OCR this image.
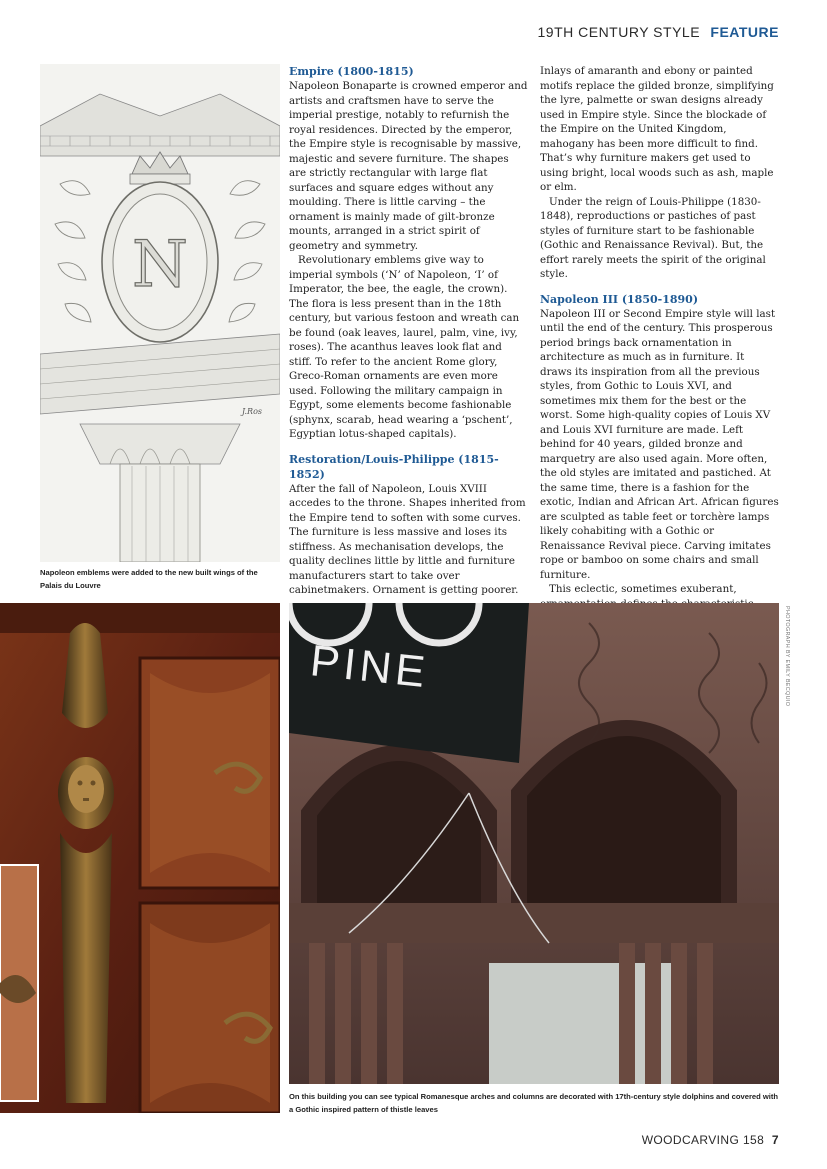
19TH CENTURY STYLE FEATURE
N
J.Ros
Napoleon emblems were added to the new built wings of the Palais du Louvre
Empire (1800-1815)

Napoleon Bonaparte is crowned emperor and artists and craftsmen have to serve the imperial prestige, notably to refurnish the royal residences. Directed by the emperor, the Empire style is recognisable by massive, majestic and severe furniture. The shapes are strictly rectangular with large flat surfaces and square edges without any moulding. There is little carving – the ornament is mainly made of gilt-bronze mounts, arranged in a strict spirit of geometry and symmetry.

Revolutionary emblems give way to imperial symbols (‘N’ of Napoleon, ‘I’ of Imperator, the bee, the eagle, the crown). The flora is less present than in the 18th century, but various festoon and wreath can be found (oak leaves, laurel, palm, vine, ivy, roses). The acanthus leaves look flat and stiff. To refer to the ancient Rome glory, Greco-Roman ornaments are even more used. Following the military campaign in Egypt, some elements become fashionable (sphynx, scarab, head wearing a ‘pschent’, Egyptian lotus-shaped capitals).

Restoration/Louis-Philippe (1815-1852)

After the fall of Napoleon, Louis XVIII accedes to the throne. Shapes inherited from the Empire tend to soften with some curves. The furniture is less massive and loses its stiffness. As mechanisation develops, the quality declines little by little and furniture manufacturers start to take over cabinetmakers. Ornament is getting poorer.

Inlays of amaranth and ebony or painted motifs replace the gilded bronze, simplifying the lyre, palmette or swan designs already used in Empire style. Since the blockade of the Empire on the United Kingdom, mahogany has been more difficult to find. That’s why furniture makers get used to using bright, local woods such as ash, maple or elm.

Under the reign of Louis-Philippe (1830-1848), reproductions or pastiches of past styles of furniture start to be fashionable (Gothic and Renaissance Revival). But, the effort rarely meets the spirit of the original style.

Napoleon III (1850-1890)

Napoleon III or Second Empire style will last until the end of the century. This prosperous period brings back ornamentation in architecture as much as in furniture. It draws its inspiration from all the previous styles, from Gothic to Louis XVI, and sometimes mix them for the best or the worst. Some high-quality copies of Louis XV and Louis XVI furniture are made. Left behind for 40 years, gilded bronze and marquetry are also used again. More often, the old styles are imitated and pastiched. At the same time, there is a fashion for the exotic, Indian and African Art. African figures are sculpted as table feet or torchère lamps likely cohabiting with a Gothic or Renaissance Revival piece. Carving imitates rope or bamboo on some chairs and small furniture.

This eclectic, sometimes exuberant,

PINE	PHOTOGRAPH BY EMILY BECQUIO
On this building you can see typical Romanesque arches and columns are decorated with 17th-century style dolphins and covered with a Gothic inspired pattern of thistle leaves
WOODCARVING 158 7
